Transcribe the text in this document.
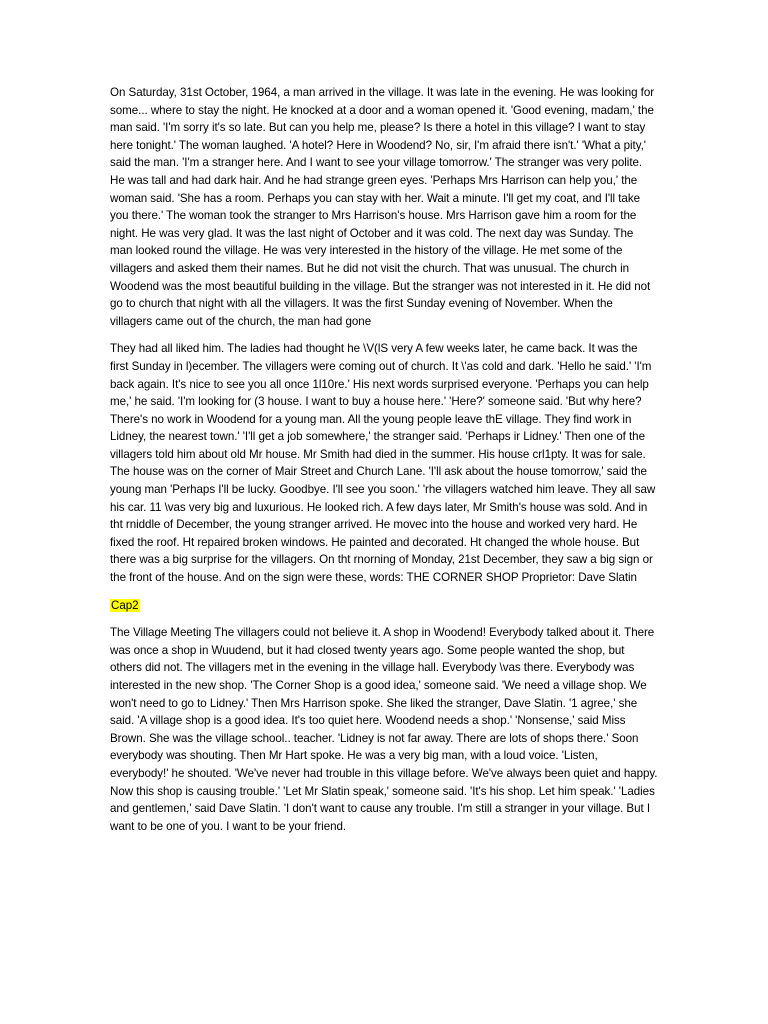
On Saturday, 31st October, 1964, a man arrived in the village. It was late in the evening. He was looking for some... where to stay the night. He knocked at a door and a woman opened it. 'Good evening, madam,' the man said. 'I'm sorry it's so late. But can you help me, please? Is there a hotel in this village? I want to stay here tonight.' The woman laughed. 'A hotel? Here in Woodend? No, sir, I'm afraid there isn't.' 'What a pity,' said the man. 'I'm a stranger here. And I want to see your village tomorrow.' The stranger was very polite. He was tall and had dark hair. And he had strange green eyes. 'Perhaps Mrs Harrison can help you,' the woman said. 'She has a room. Perhaps you can stay with her. Wait a minute. I'll get my coat, and I'll take you there.' The woman took the stranger to Mrs Harrison's house. Mrs Harrison gave him a room for the night. He was very glad. It was the last night of October and it was cold. The next day was Sunday. The man looked round the village. He was very interested in the history of the village. He met some of the villagers and asked them their names. But he did not visit the church. That was unusual. The church in Woodend was the most beautiful building in the village. But the stranger was not interested in it. He did not go to church that night with all the villagers. It was the first Sunday evening of November. When the villagers came out of the church, the man had gone

They had all liked him. The ladies had thought he \V(lS very A few weeks later, he came back. It was the first Sunday in l)ecember. The villagers were coming out of church. It \'as cold and dark. 'Hello he said.' 'I'm back again. It's nice to see you all once 1l10re.' His next words surprised everyone. 'Perhaps you can help me,' he said. 'I'm looking for (3 house. I want to buy a house here.' 'Here?' someone said. 'But why here? There's no work in Woodend for a young man. All the young people leave thE village. They find work in Lidney, the nearest town.' 'I'll get a job somewhere,' the stranger said. 'Perhaps ir Lidney.' Then one of the villagers told him about old Mr house. Mr Smith had died in the summer. His house crl1pty. It was for sale. The house was on the corner of Mair Street and Church Lane. 'I'll ask about the house tomorrow,' said the young man 'Perhaps I'll be lucky. Goodbye. I'll see you soon.' 'rhe villagers watched him leave. They all saw his car. 11 \vas very big and luxurious. He looked rich. A few days later, Mr Smith's house was sold. And in tht rniddle of December, the young stranger arrived. He movec into the house and worked very hard. He fixed the roof. Ht repaired broken windows. He painted and decorated. Ht changed the whole house. But there was a big surprise for the villagers. On tht rnorning of Monday, 21st December, they saw a big sign or the front of the house. And on the sign were these, words: THE CORNER SHOP Proprietor: Dave Slatin

Cap2

The Village Meeting The villagers could not believe it. A shop in Woodend! Everybody talked about it. There was once a shop in Wuudend, but it had closed twenty years ago. Some people wanted the shop, but others did not. The villagers met in the evening in the village hall. Everybody \vas there. Everybody was interested in the new shop. 'The Corner Shop is a good idea,' someone said. 'We need a village shop. We won't need to go to Lidney.' Then Mrs Harrison spoke. She liked the stranger, Dave Slatin. '1 agree,' she said. 'A village shop is a good idea. It's too quiet here. Woodend needs a shop.' 'Nonsense,' said Miss Brown. She was the village school.. teacher. 'Lidney is not far away. There are lots of shops there.' Soon everybody was shouting. Then Mr Hart spoke. He was a very big man, with a loud voice. 'Listen, everybody!' he shouted. 'We've never had trouble in this village before. We've always been quiet and happy. Now this shop is causing trouble.' 'Let Mr Slatin speak,' someone said. 'It's his shop. Let him speak.' 'Ladies and gentlemen,' said Dave Slatin. 'I don't want to cause any trouble. I'm still a stranger in your village. But I want to be one of you. I want to be your friend.
